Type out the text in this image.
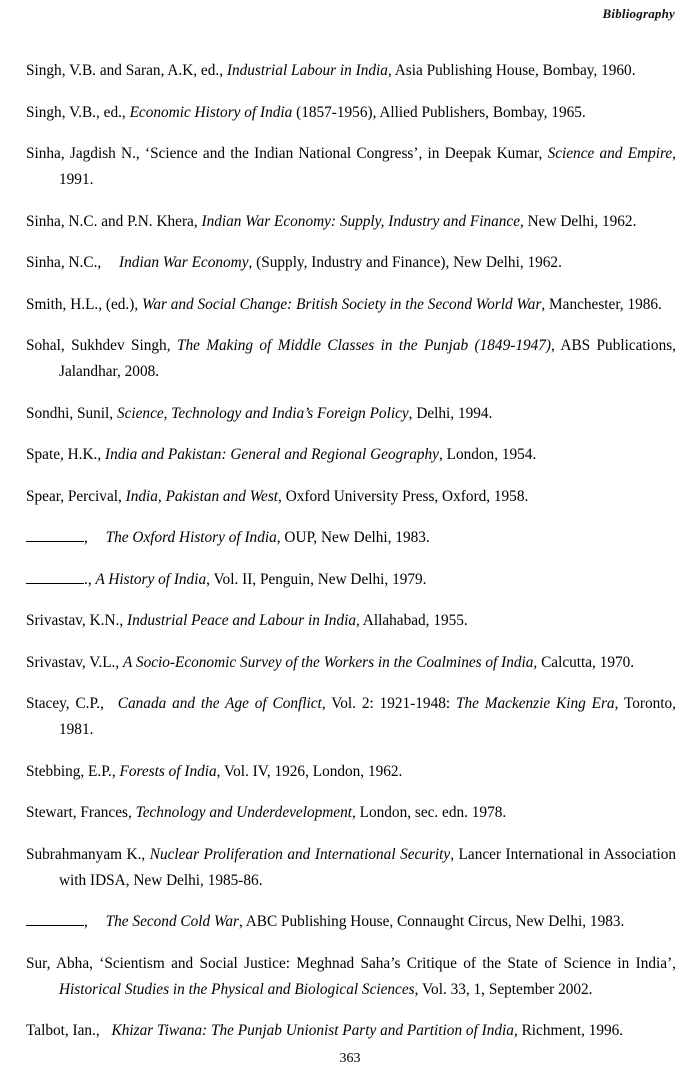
Bibliography

Singh, V.B. and Saran, A.K, ed., Industrial Labour in India, Asia Publishing House, Bombay, 1960.

Singh, V.B., ed., Economic History of India (1857-1956), Allied Publishers, Bombay, 1965.

Sinha, Jagdish N., ‘Science and the Indian National Congress’, in Deepak Kumar, Science and Empire, 1991.

Sinha, N.C. and P.N. Khera, Indian War Economy: Supply, Industry and Finance, New Delhi, 1962.

Sinha, N.C., Indian War Economy, (Supply, Industry and Finance), New Delhi, 1962.

Smith, H.L., (ed.), War and Social Change: British Society in the Second World War, Manchester, 1986.

Sohal, Sukhdev Singh, The Making of Middle Classes in the Punjab (1849-1947), ABS Publications, Jalandhar, 2008.

Sondhi, Sunil, Science, Technology and India’s Foreign Policy, Delhi, 1994.

Spate, H.K., India and Pakistan: General and Regional Geography, London, 1954.

Spear, Percival, India, Pakistan and West, Oxford University Press, Oxford, 1958.

, The Oxford History of India, OUP, New Delhi, 1983.

., A History of India, Vol. II, Penguin, New Delhi, 1979.

Srivastav, K.N., Industrial Peace and Labour in India, Allahabad, 1955.

Srivastav, V.L., A Socio-Economic Survey of the Workers in the Coalmines of India, Calcutta, 1970.

Stacey, C.P., Canada and the Age of Conflict, Vol. 2: 1921-1948: The Mackenzie King Era, Toronto, 1981.

Stebbing, E.P., Forests of India, Vol. IV, 1926, London, 1962.

Stewart, Frances, Technology and Underdevelopment, London, sec. edn. 1978.

Subrahmanyam K., Nuclear Proliferation and International Security, Lancer International in Association with IDSA, New Delhi, 1985-86.

, The Second Cold War, ABC Publishing House, Connaught Circus, New Delhi, 1983.

Sur, Abha, ‘Scientism and Social Justice: Meghnad Saha’s Critique of the State of Science in India’, Historical Studies in the Physical and Biological Sciences, Vol. 33, 1, September 2002.

Talbot, Ian., Khizar Tiwana: The Punjab Unionist Party and Partition of India, Richment, 1996.

363
